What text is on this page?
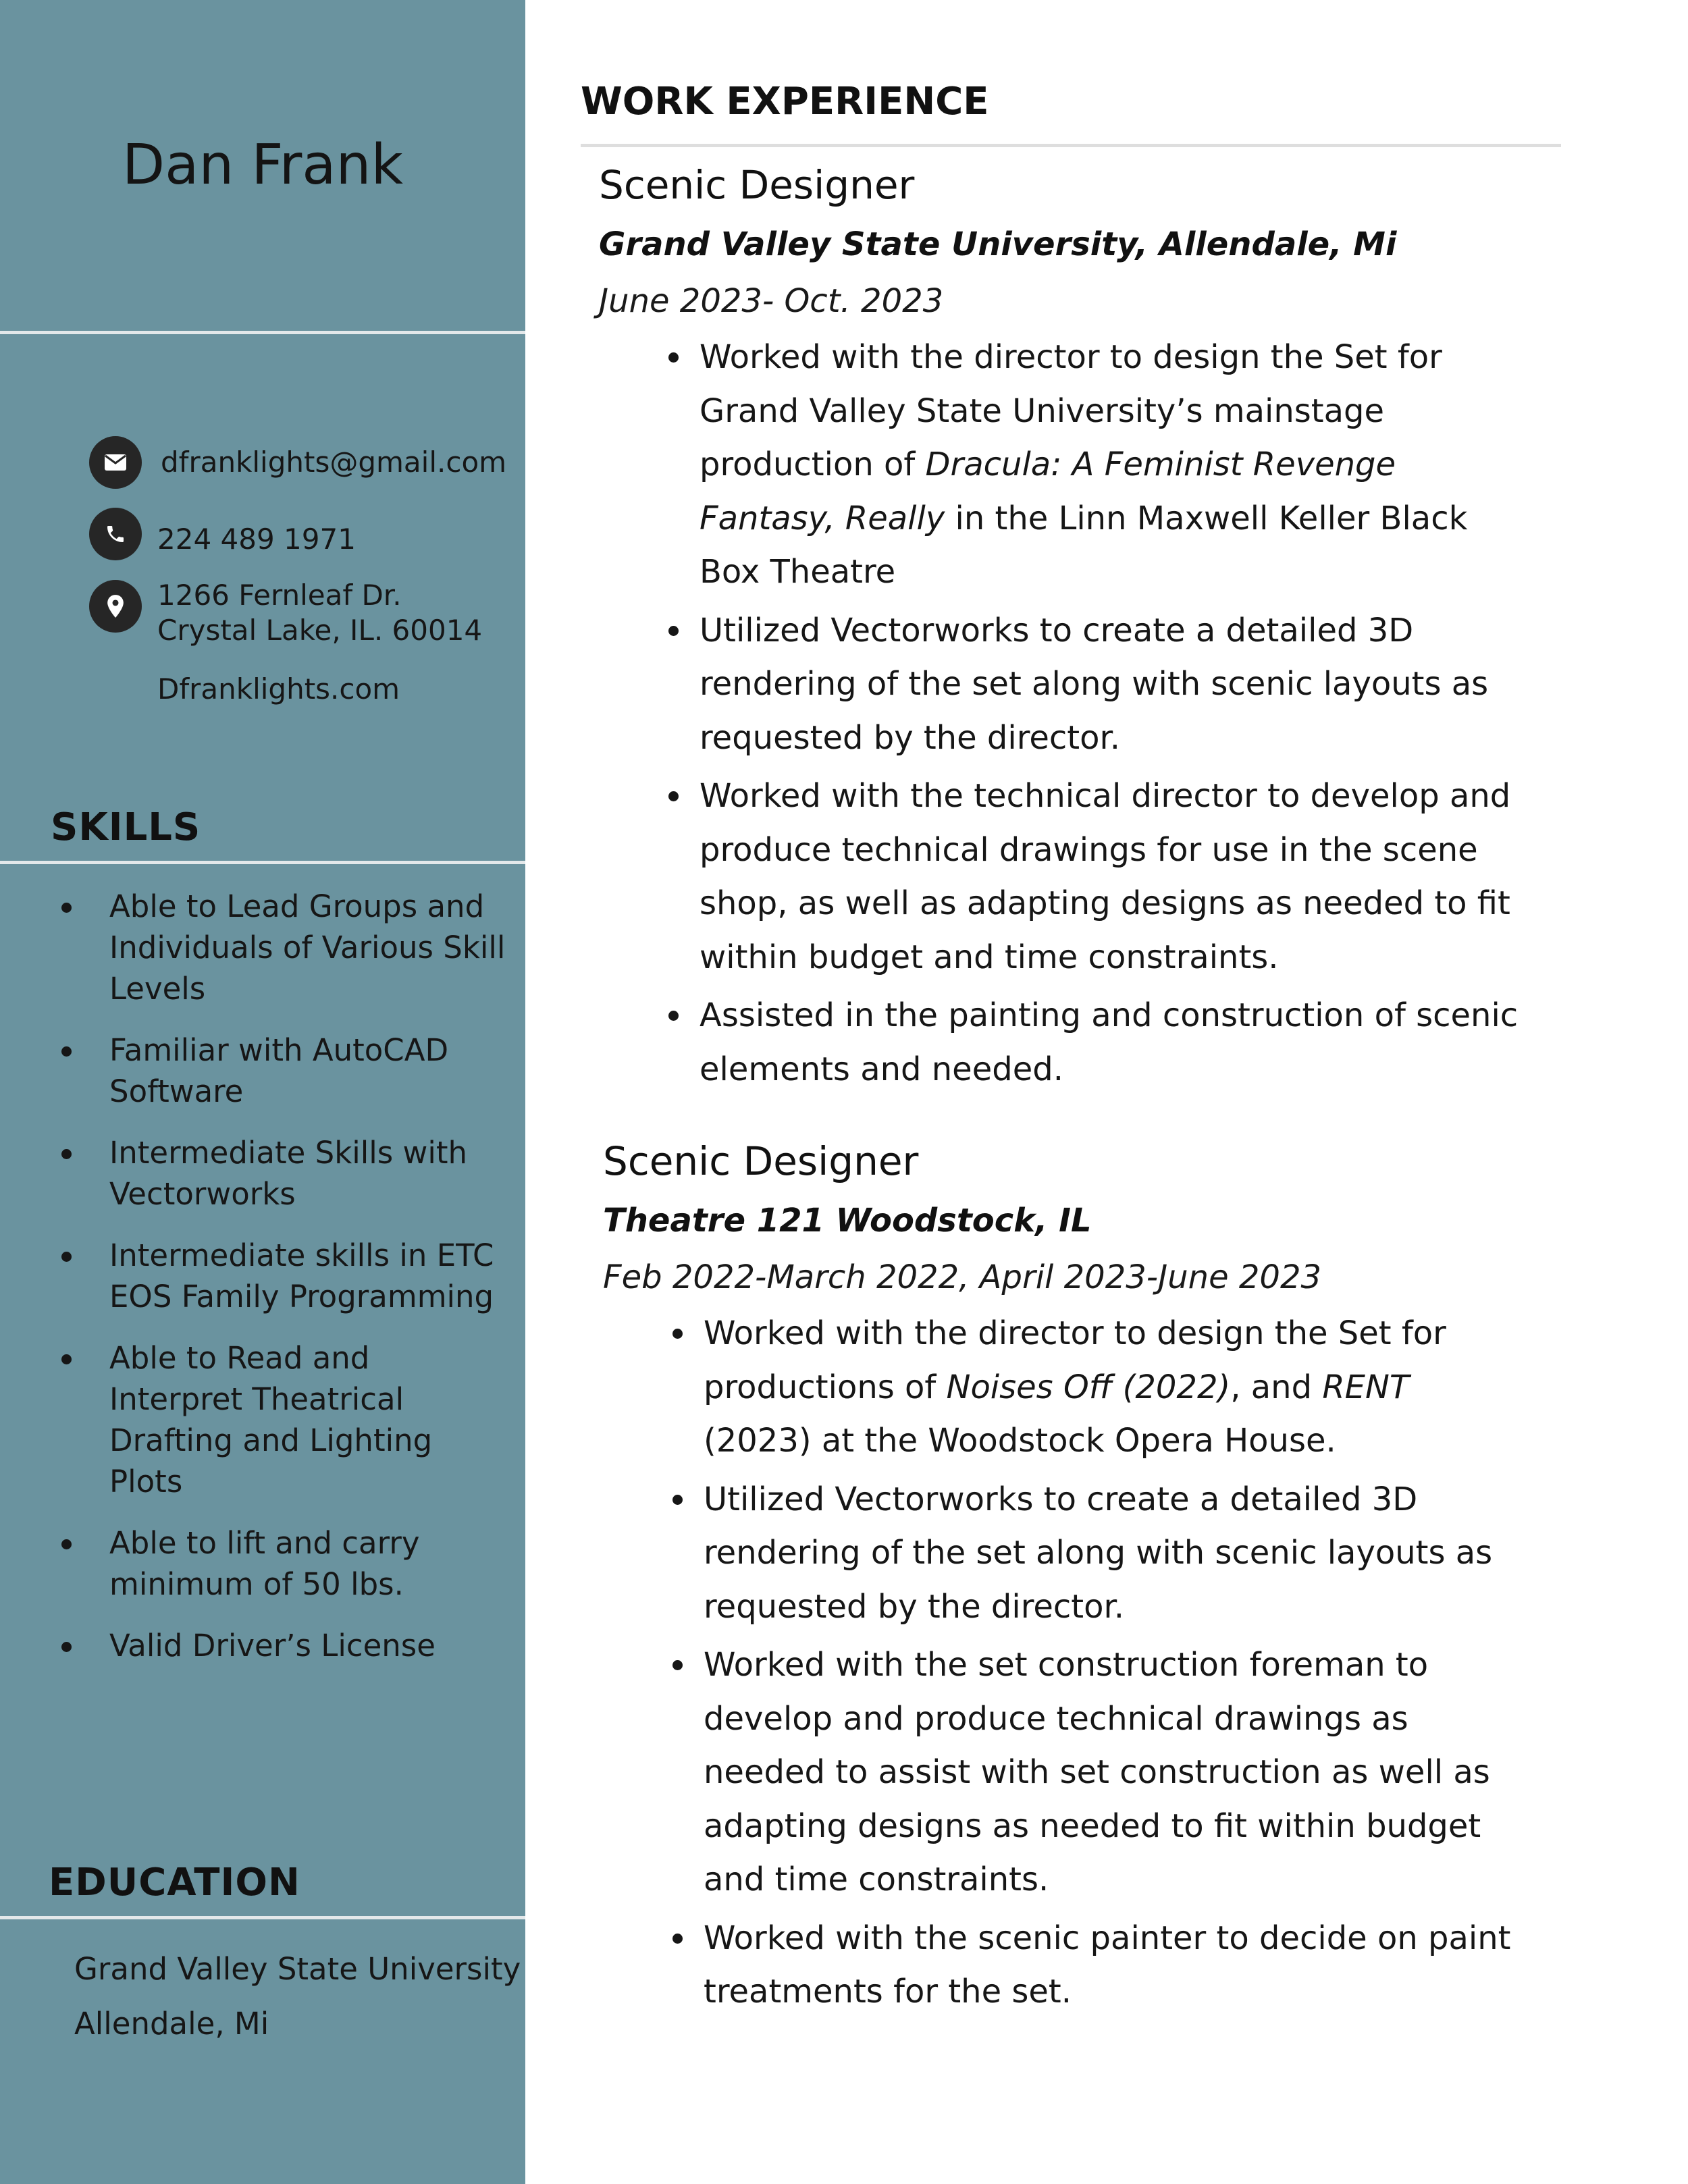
Dan Frank
dfranklights@gmail.com
224 489 1971
1266 Fernleaf Dr.
Crystal Lake, IL. 60014
Dfranklights.com
SKILLS
Able to Lead Groups and Individuals of Various Skill Levels
Familiar with AutoCAD Software
Intermediate Skills with Vectorworks
Intermediate skills in ETC EOS Family Programming
Able to Read and Interpret Theatrical Drafting and Lighting Plots
Able to lift and carry minimum of 50 lbs.
Valid Driver’s License
EDUCATION
Grand Valley State University
Allendale, Mi
WORK EXPERIENCE
Scenic Designer
Grand Valley State University, Allendale, Mi
June 2023- Oct. 2023
Worked with the director to design the Set for Grand Valley State University’s mainstage production of Dracula: A Feminist Revenge Fantasy, Really in the Linn Maxwell Keller Black Box Theatre
Utilized Vectorworks to create a detailed 3D rendering of the set along with scenic layouts as requested by the director.
Worked with the technical director to develop and produce technical drawings for use in the scene shop, as well as adapting designs as needed to fit within budget and time constraints.
Assisted in the painting and construction of scenic elements and needed.
Scenic Designer
Theatre 121 Woodstock, IL
Feb 2022-March 2022, April 2023-June 2023
Worked with the director to design the Set for productions of Noises Off (2022), and RENT (2023) at the Woodstock Opera House.
Utilized Vectorworks to create a detailed 3D rendering of the set along with scenic layouts as requested by the director.
Worked with the set construction foreman to develop and produce technical drawings as needed to assist with set construction as well as adapting designs as needed to fit within budget and time constraints.
Worked with the scenic painter to decide on paint treatments for the set.
